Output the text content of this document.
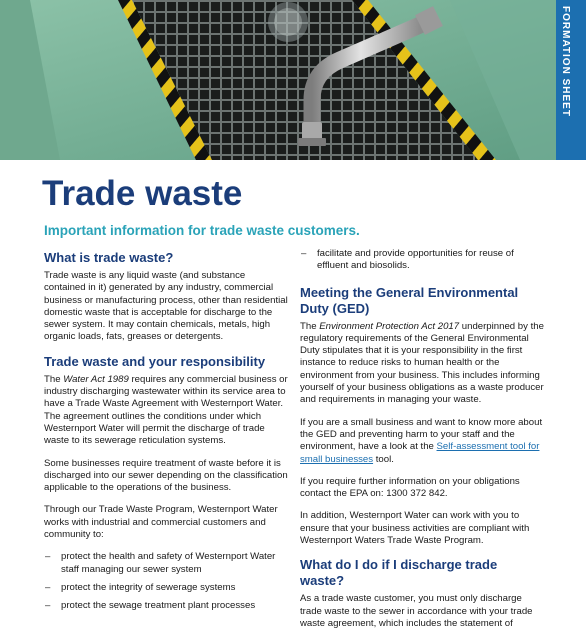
FORMATION SHEET
Trade waste

Important information for trade waste customers.

What is trade waste?

Trade waste is any liquid waste (and substance contained in it) generated by any industry, commercial business or manufacturing process, other than residential domestic waste that is acceptable for discharge to the sewer system. It may contain chemicals, metals, high organic loads, fats, greases or detergents.

Trade waste and your responsibility

The Water Act 1989 requires any commercial business or industry discharging wastewater within its service area to have a Trade Waste Agreement with Westernport Water. The agreement outlines the conditions under which Westernport Water will permit the discharge of trade waste to its sewerage reticulation systems.

Some businesses require treatment of waste before it is discharged into our sewer depending on the classification applicable to the operations of the business.

Through our Trade Waste Program, Westernport Water works with industrial and commercial customers and community to:

– protect the health and safety of Westernport Water staff managing our sewer system
– protect the integrity of sewerage systems
– protect the sewage treatment plant processes
– facilitate and provide opportunities for reuse of effluent and biosolids.
Meeting the General Environmental Duty (GED)

The Environment Protection Act 2017 underpinned by the regulatory requirements of the General Environmental Duty stipulates that it is your responsibility in the first instance to reduce risks to human health or the environment from your business. This includes informing yourself of your business obligations as a waste producer and requirements in managing your waste.

If you are a small business and want to know more about the GED and preventing harm to your staff and the environment, have a look at the Self-assessment tool for small businesses tool.

If you require further information on your obligations contact the EPA on: 1300 372 842.

In addition, Westernport Water can work with you to ensure that your business activities are compliant with Westernport Waters Trade Waste Program.

What do I do if I discharge trade waste?

As a trade waste customer, you must only discharge trade waste to the sewer in accordance with your trade waste agreement, which includes the statement of
